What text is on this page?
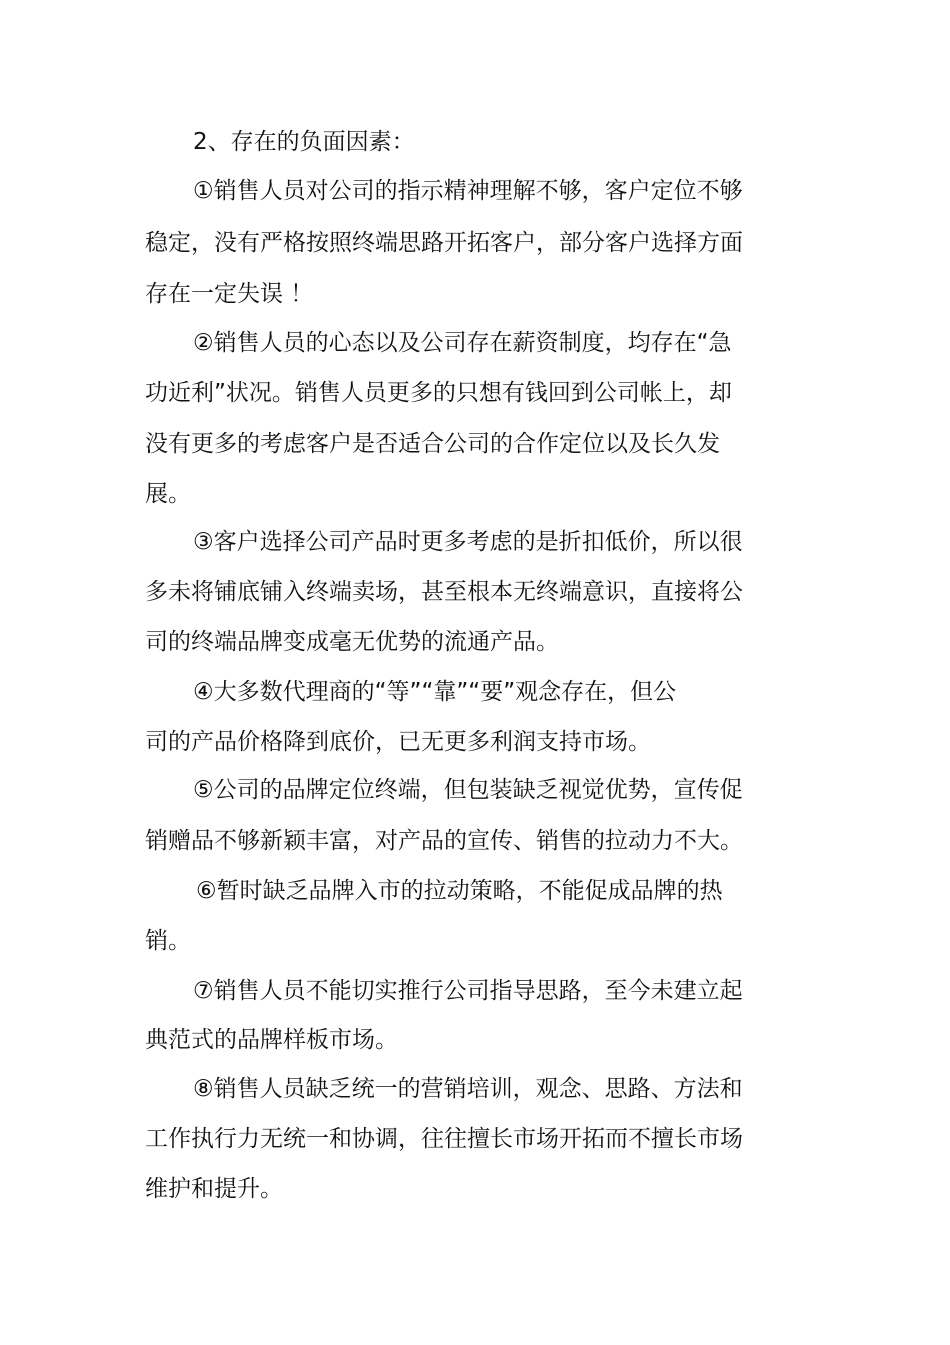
2、存在的负面因素：
①销售人员对公司的指示精神理解不够，客户定位不够
稳定，没有严格按照终端思路开拓客户，部分客户选择方面
存在一定失误 ！
②销售人员的心态以及公司存在薪资制度，均存在“急
功近利”状况。销售人员更多的只想有钱回到公司帐上，却
没有更多的考虑客户是否适合公司的合作定位以及长久发
展。
③客户选择公司产品时更多考虑的是折扣低价，所以很
多未将铺底铺入终端卖场，甚至根本无终端意识，直接将公
司的终端品牌变成毫无优势的流通产品。
④大多数代理商的“等”“靠”“要”观念存在，但公
司的产品价格降到底价，已无更多利润支持市场。
⑤公司的品牌定位终端，但包装缺乏视觉优势，宣传促
销赠品不够新颖丰富，对产品的宣传、销售的拉动力不大。
⑥暂时缺乏品牌入市的拉动策略，不能促成品牌的热
销。
⑦销售人员不能切实推行公司指导思路，至今未建立起
典范式的品牌样板市场。
⑧销售人员缺乏统一的营销培训，观念、思路、方法和
工作执行力无统一和协调，往往擅长市场开拓而不擅长市场
维护和提升。
